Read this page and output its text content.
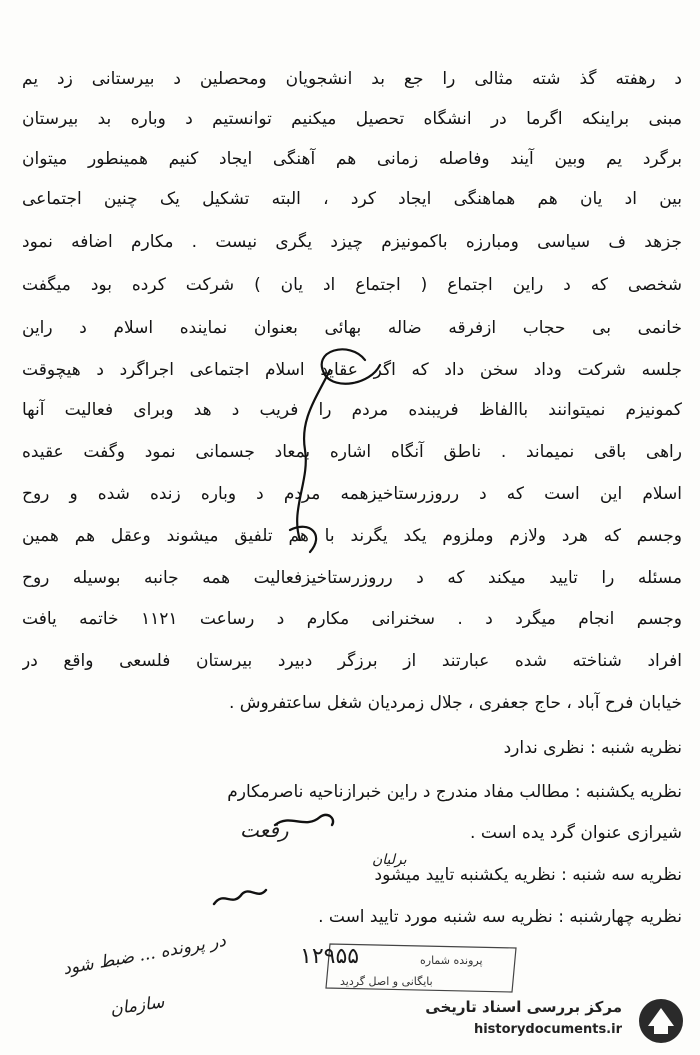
د رهفته گذ شته مثالی را جع بد انشجویان ومحصلین د بیرستانی زد یم
مبنی براینکه اگرما در انشگاه تحصیل میکنیم توانستیم د وباره بد بیرستان
برگرد یم وبین آیند وفاصله زمانی هم آهنگی ایجاد کنیم همینطور میتوان
بین اد یان هم هماهنگی ایجاد کرد ، البته تشکیل یک چنین اجتماعی
جزهد ف سیاسی ومبارزه باکمونیزم چیزد یگری نیست . مکارم اضافه نمود
شخصی که د راین اجتماع ( اجتماع اد یان ) شرکت کرده بود میگفت
خانمی بی حجاب ازفرقه ضاله بهائی بعنوان نماینده اسلام د راین
جلسه شرکت وداد سخن داد که اگر عقاید اسلام اجتماعی اجراگرد د هیچوقت
کمونیزم نمیتوانند باالفاظ فریبنده مردم را فریب د هد وبرای فعالیت آنها
راهی باقی نمیماند . ناطق آنگاه اشاره بمعاد جسمانی نمود وگفت عقیده
اسلام این است که د رروزرستاخیزهمه مردم د وباره زنده شده و روح
وجسم که هرد ولازم وملزوم یکد یگرند با هم تلفیق میشوند وعقل هم همین
مسئله را تایید میکند که د رروزرستاخیزفعالیت همه جانبه بوسیله روح
وجسم انجام میگرد د . سخنرانی مکارم د رساعت ۱۱۲۱ خاتمه یافت
افراد شناخته شده عبارتند از برزگر دبیرد بیرستان فلسعی واقع در
خیابان فرح آباد ، حاج جعفری ، جلال زمردیان شغل ساعتفروش .
نظریه شنبه : نظری ندارد
نظریه یکشنبه : مطالب مفاد مندرج د راین خبرازناحیه ناصرمکارم
شیرازی عنوان گرد یده است .
نظریه سه شنبه : نظریه یکشنبه تایید میشود
نظریه چهارشنبه : نظریه سه شنبه مورد تایید است .
رفعت
برلیان
در پرونده ... ضبط شود
سازمان
۱۲۹۵۵	پرونده شماره
بایگانی و اصل گردید
مرکز بررسی اسناد تاریخی
historydocuments.ir
